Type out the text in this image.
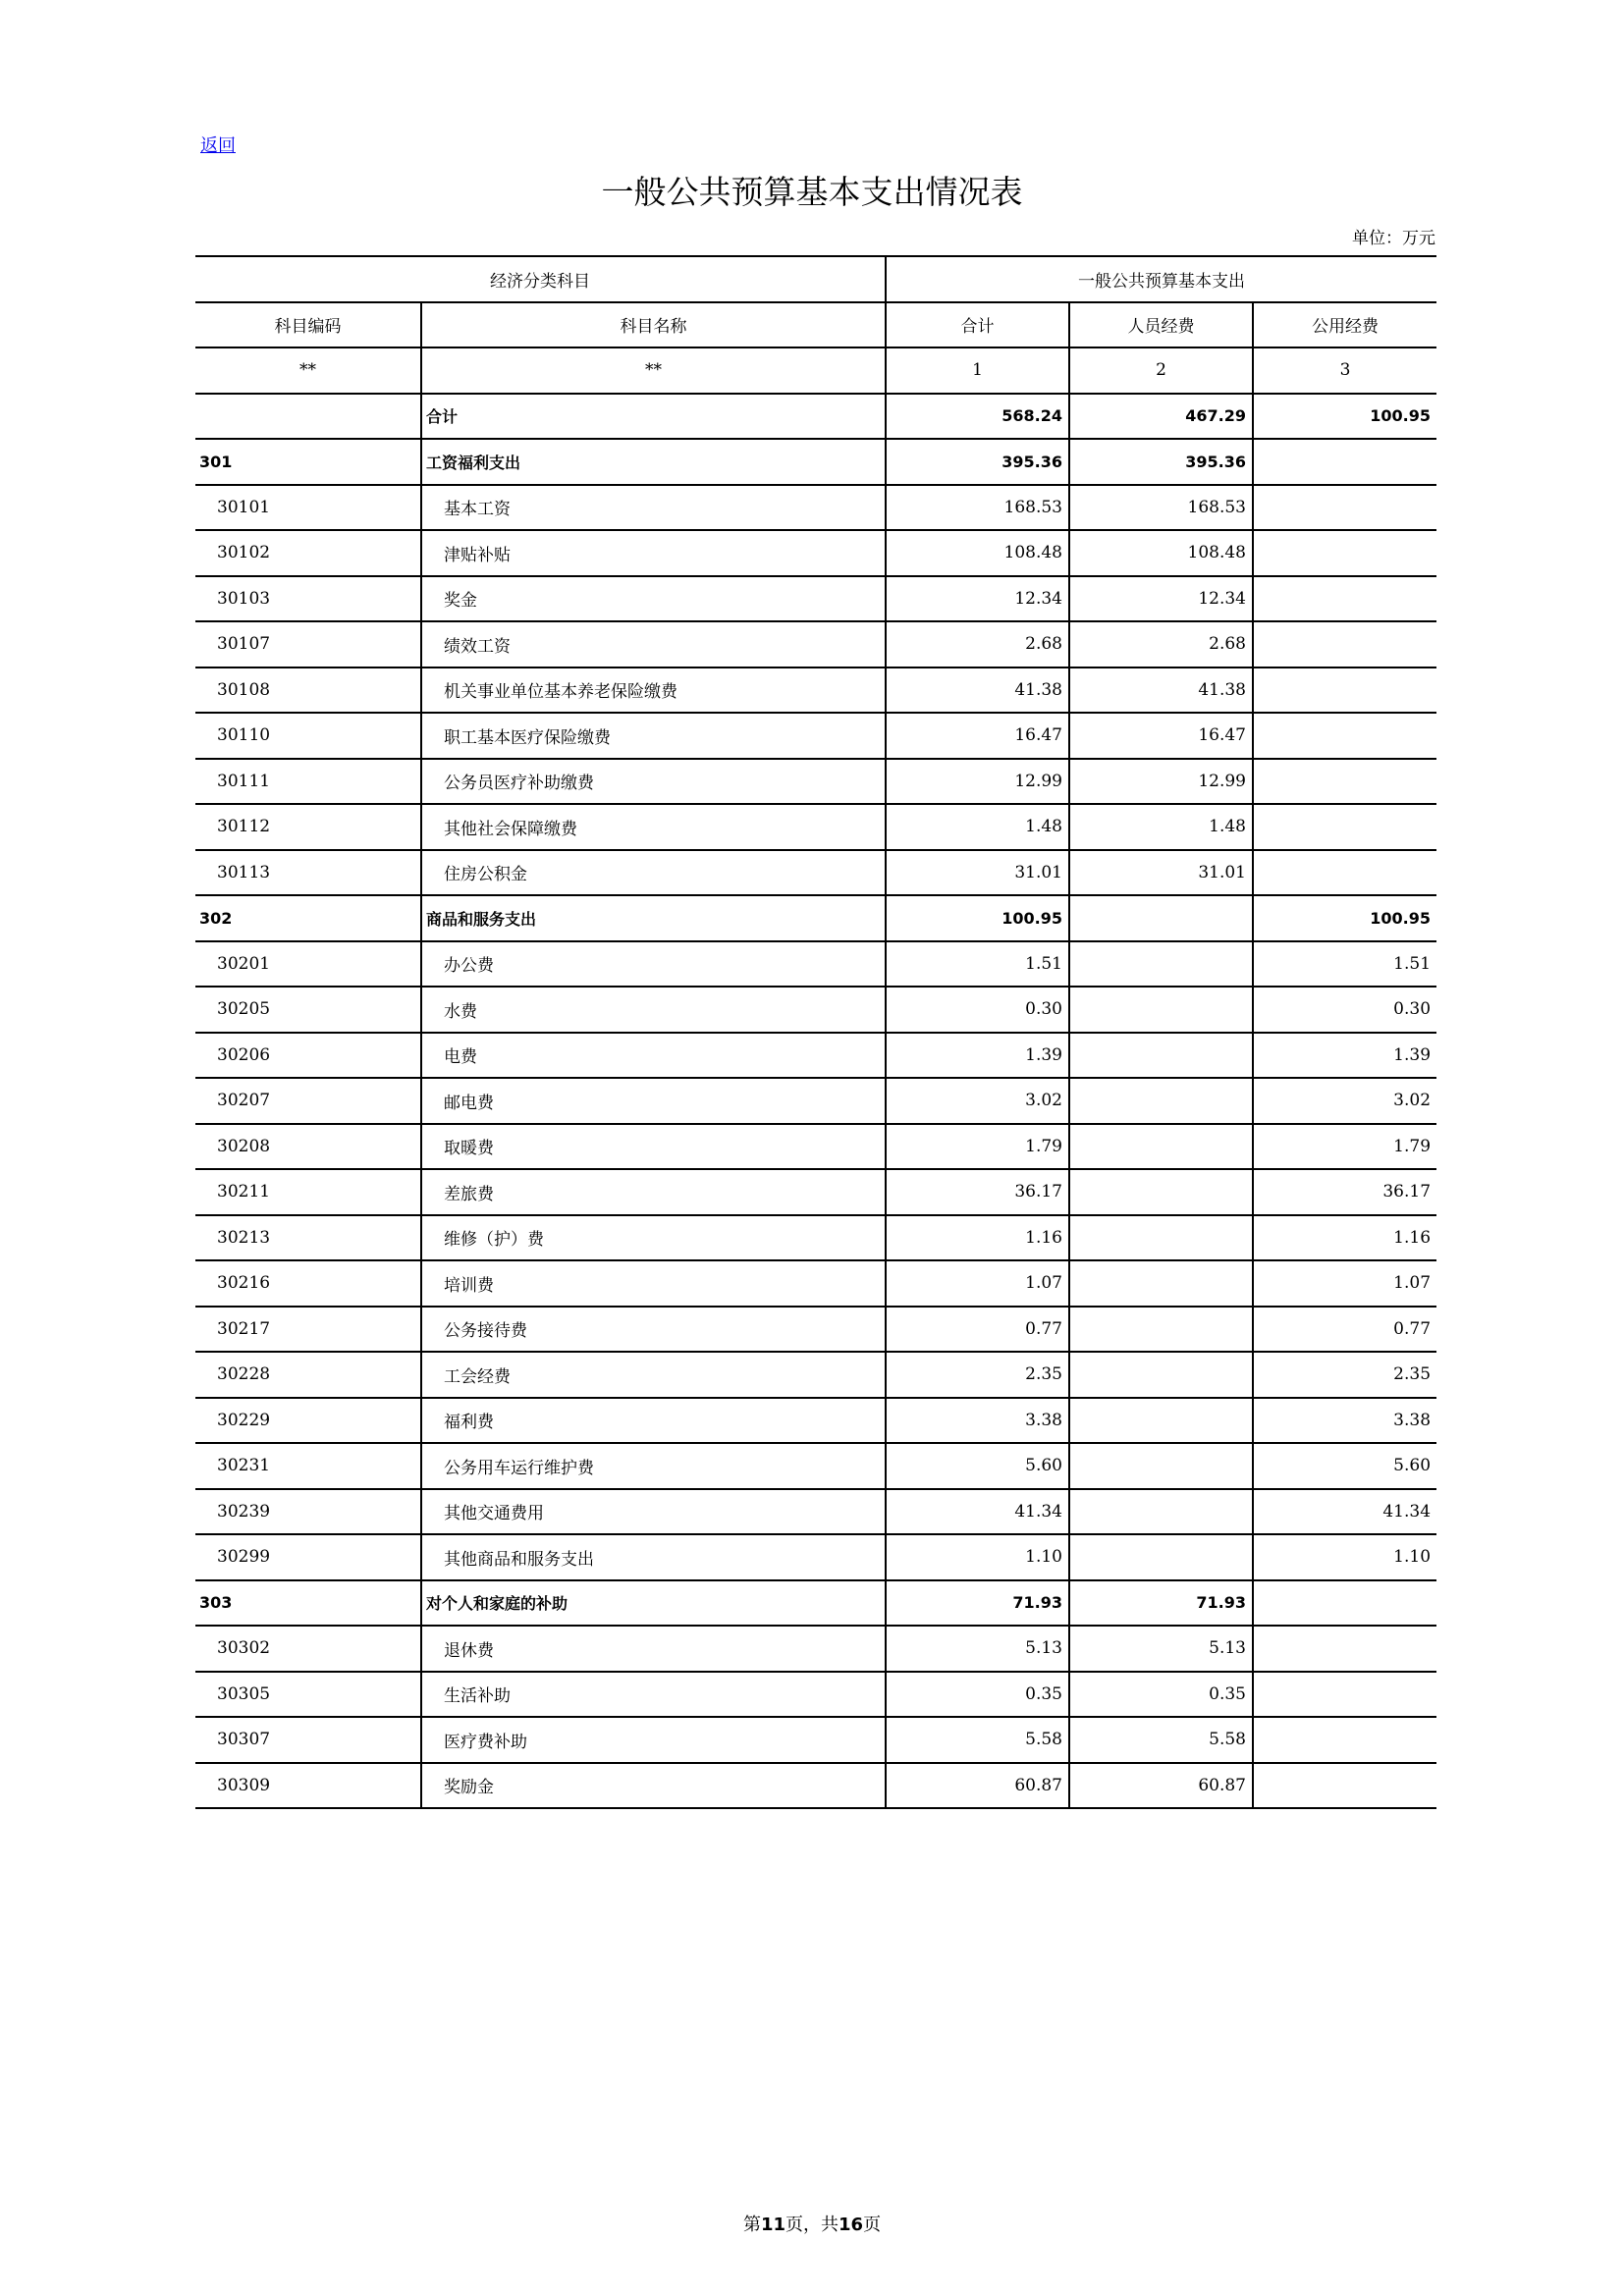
返回
一般公共预算基本支出情况表
单位：万元
经济分类科目		一般公共预算基本支出		
科目编码	科目名称	合计	人员经费	公用经费
**	**	1	2	3
	合计	568.24	467.29	100.95
301	工资福利支出	395.36	395.36	
30101	基本工资	168.53	168.53	
30102	津贴补贴	108.48	108.48	
30103	奖金	12.34	12.34	
30107	绩效工资	2.68	2.68	
30108	机关事业单位基本养老保险缴费	41.38	41.38	
30110	职工基本医疗保险缴费	16.47	16.47	
30111	公务员医疗补助缴费	12.99	12.99	
30112	其他社会保障缴费	1.48	1.48	
30113	住房公积金	31.01	31.01	
302	商品和服务支出	100.95		100.95
30201	办公费	1.51		1.51
30205	水费	0.30		0.30
30206	电费	1.39		1.39
30207	邮电费	3.02		3.02
30208	取暖费	1.79		1.79
30211	差旅费	36.17		36.17
30213	维修（护）费	1.16		1.16
30216	培训费	1.07		1.07
30217	公务接待费	0.77		0.77
30228	工会经费	2.35		2.35
30229	福利费	3.38		3.38
30231	公务用车运行维护费	5.60		5.60
30239	其他交通费用	41.34		41.34
30299	其他商品和服务支出	1.10		1.10
303	对个人和家庭的补助	71.93	71.93	
30302	退休费	5.13	5.13	
30305	生活补助	0.35	0.35	
30307	医疗费补助	5.58	5.58	
30309	奖励金	60.87	60.87	
第11页，共16页
